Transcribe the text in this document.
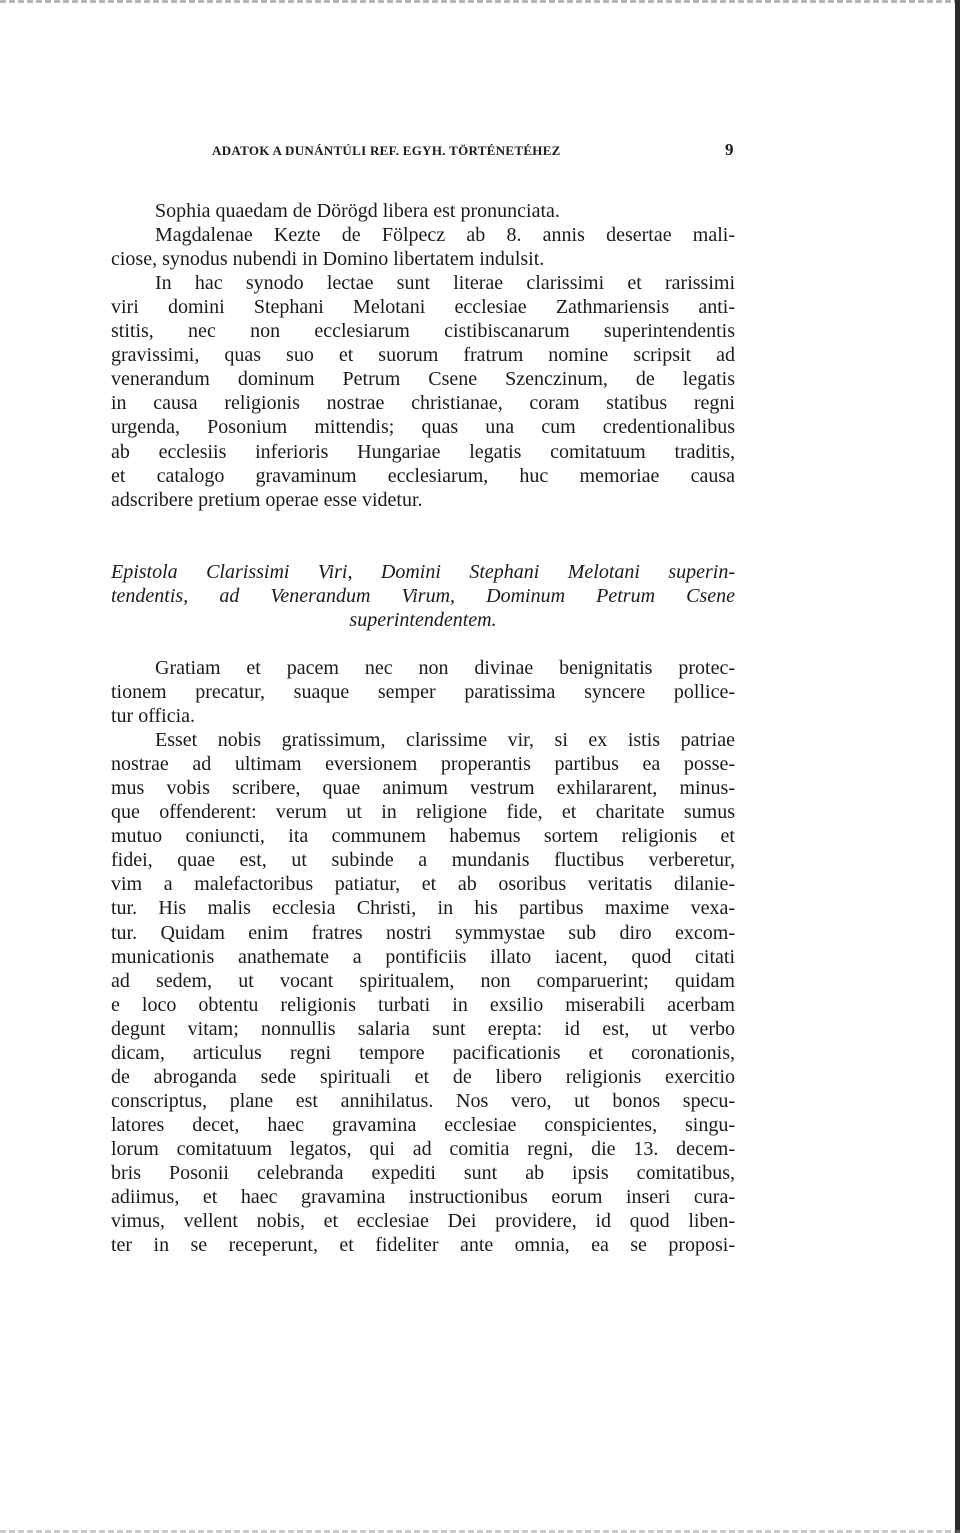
ADATOK A DUNÁNTÚLI REF. EGYH. TÖRTÉNETÉHEZ	9
Sophia quaedam de Dörögd libera est pronunciata.
Magdalenae Kezte de Fölpecz ab 8. annis desertae mali-
ciose, synodus nubendi in Domino libertatem indulsit.
In hac synodo lectae sunt literae clarissimi et rarissimi
viri domini Stephani Melotani ecclesiae Zathmariensis anti-
stitis, nec non ecclesiarum cistibiscanarum superintendentis
gravissimi, quas suo et suorum fratrum nomine scripsit ad
venerandum dominum Petrum Csene Szenczinum, de legatis
in causa religionis nostrae christianae, coram statibus regni
urgenda, Posonium mittendis; quas una cum credentionalibus
ab ecclesiis inferioris Hungariae legatis comitatuum traditis,
et catalogo gravaminum ecclesiarum, huc memoriae causa
adscribere pretium operae esse videtur.
Epistola Clarissimi Viri, Domini Stephani Melotani superin-
tendentis, ad Venerandum Virum, Dominum Petrum Csene
superintendentem.
Gratiam et pacem nec non divinae benignitatis protec-
tionem precatur, suaque semper paratissima syncere pollice-
tur officia.
Esset nobis gratissimum, clarissime vir, si ex istis patriae
nostrae ad ultimam eversionem properantis partibus ea posse-
mus vobis scribere, quae animum vestrum exhilararent, minus-
que offenderent: verum ut in religione fide, et charitate sumus
mutuo coniuncti, ita communem habemus sortem religionis et
fidei, quae est, ut subinde a mundanis fluctibus verberetur,
vim a malefactoribus patiatur, et ab osoribus veritatis dilanie-
tur. His malis ecclesia Christi, in his partibus maxime vexa-
tur. Quidam enim fratres nostri symmystae sub diro excom-
municationis anathemate a pontificiis illato iacent, quod citati
ad sedem, ut vocant spiritualem, non comparuerint; quidam
e loco obtentu religionis turbati in exsilio miserabili acerbam
degunt vitam; nonnullis salaria sunt erepta: id est, ut verbo
dicam, articulus regni tempore pacificationis et coronationis,
de abroganda sede spirituali et de libero religionis exercitio
conscriptus, plane est annihilatus. Nos vero, ut bonos specu-
latores decet, haec gravamina ecclesiae conspicientes, singu-
lorum comitatuum legatos, qui ad comitia regni, die 13. decem-
bris Posonii celebranda expediti sunt ab ipsis comitatibus,
adiimus, et haec gravamina instructionibus eorum inseri cura-
vimus, vellent nobis, et ecclesiae Dei providere, id quod liben-
ter in se receperunt, et fideliter ante omnia, ea se proposi-
